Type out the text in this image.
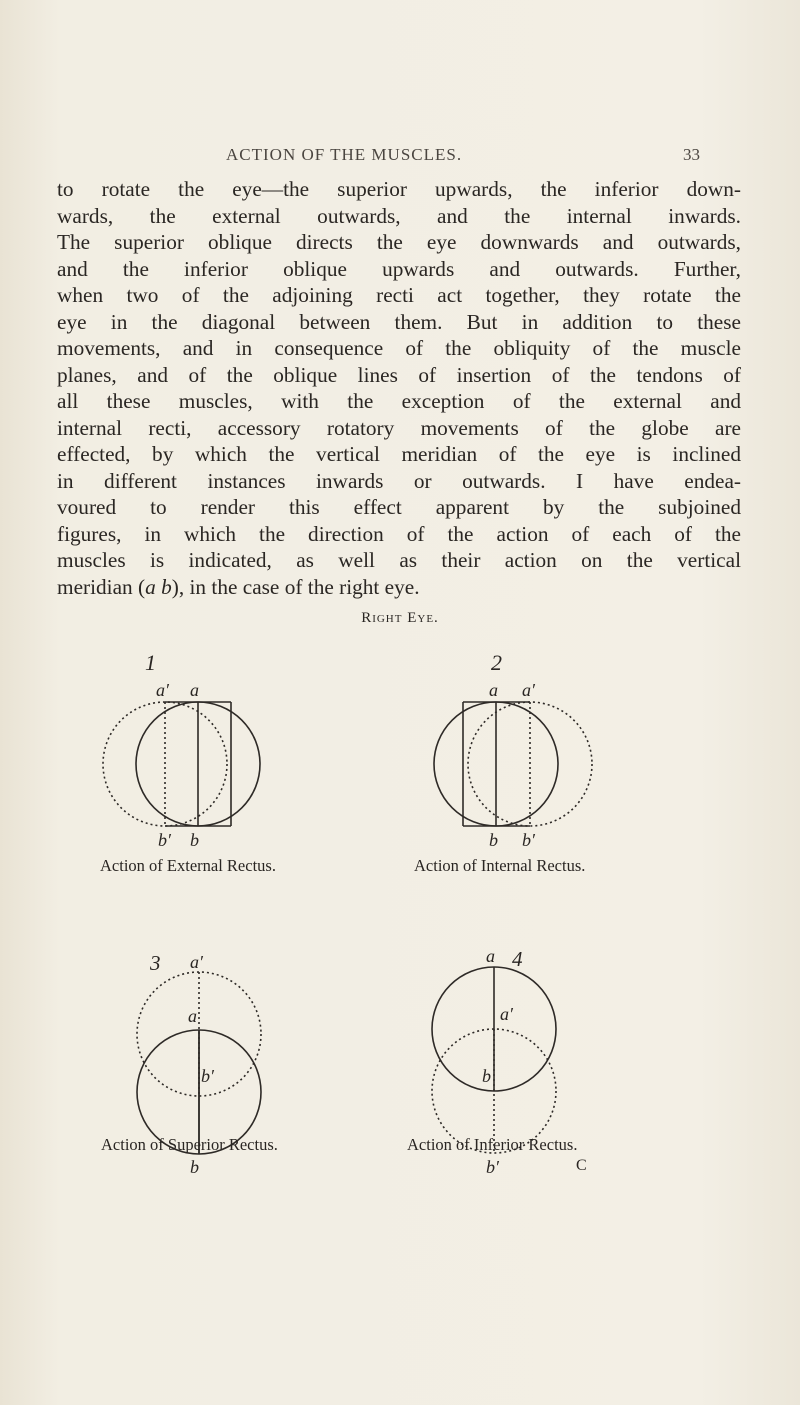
ACTION OF THE MUSCLES.	33
to rotate the eye—the superior upwards, the inferior down-
wards, the external outwards, and the internal inwards.
The superior oblique directs the eye downwards and outwards,
and the inferior oblique upwards and outwards. Further,
when two of the adjoining recti act together, they rotate the
eye in the diagonal between them. But in addition to these
movements, and in consequence of the obliquity of the muscle
planes, and of the oblique lines of insertion of the tendons of
all these muscles, with the exception of the external and
internal recti, accessory rotatory movements of the globe are
effected, by which the vertical meridian of the eye is inclined
in different instances inwards or outwards. I have endea-
voured to render this effect apparent by the subjoined
figures, in which the direction of the action of each of the
muscles is indicated, as well as their action on the vertical
meridian (a b), in the case of the right eye.
Right Eye.
1
a′ a
b′ b
2
a a′
b b′
3 a′
a
b′
b
a 4
a′
b
b′
Action of External Rectus.	Action of Internal Rectus.
Action of Superior Rectus.	Action of Inferior Rectus.
C
